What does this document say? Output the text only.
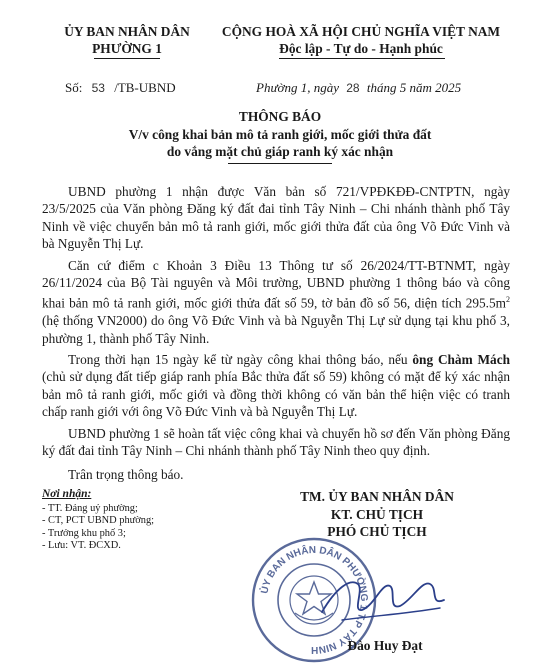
ỦY BAN NHÂN DÂN
PHƯỜNG 1
CỘNG HOÀ XÃ HỘI CHỦ NGHĨA VIỆT NAM
Độc lập - Tự do - Hạnh phúc
Số: 53 /TB-UBND	Phường 1, ngày 28 tháng 5 năm 2025
THÔNG BÁO
V/v công khai bản mô tả ranh giới, mốc giới thửa đất
do vắng mặt chủ giáp ranh ký xác nhận

UBND phường 1 nhận được Văn bản số 721/VPĐKĐĐ-CNTPTN, ngày 23/5/2025 của Văn phòng Đăng ký đất đai tỉnh Tây Ninh – Chi nhánh thành phố Tây Ninh về việc chuyển bản mô tả ranh giới, mốc giới thửa đất của ông Võ Đức Vinh và bà Nguyễn Thị Lự.

Căn cứ điểm c Khoản 3 Điều 13 Thông tư số 26/2024/TT-BTNMT, ngày 26/11/2024 của Bộ Tài nguyên và Môi trường, UBND phường 1 thông báo và công khai bản mô tả ranh giới, mốc giới thửa đất số 59, tờ bản đồ số 56, diện tích $295.5m^2$ (hệ thống VN2000) do ông Võ Đức Vinh và bà Nguyễn Thị Lự sử dụng tại khu phố 3, phường 1, thành phố Tây Ninh.

Trong thời hạn 15 ngày kể từ ngày công khai thông báo, nếu ông Chàm Mách (chủ sử dụng đất tiếp giáp ranh phía Bắc thửa đất số 59) không có mặt để ký xác nhận bản mô tả ranh giới, mốc giới và đồng thời không có văn bản thể hiện việc có tranh chấp ranh giới với ông Võ Đức Vinh và bà Nguyễn Thị Lự.

UBND phường 1 sẽ hoàn tất việc công khai và chuyển hồ sơ đến Văn phòng Đăng ký đất đai tỉnh Tây Ninh – Chi nhánh thành phố Tây Ninh theo quy định.

Trân trọng thông báo.

Nơi nhận:
- TT. Đảng uỷ phường;
- CT, PCT UBND phường;
- Trưởng khu phố 3;
- Lưu: VT. ĐCXD.
TM. ỦY BAN NHÂN DÂN
KT. CHỦ TỊCH
PHÓ CHỦ TỊCH
ỦY BAN NHÂN DÂN PHƯỜNG 1 T.P TÂY NINH	Đào Huy Đạt
